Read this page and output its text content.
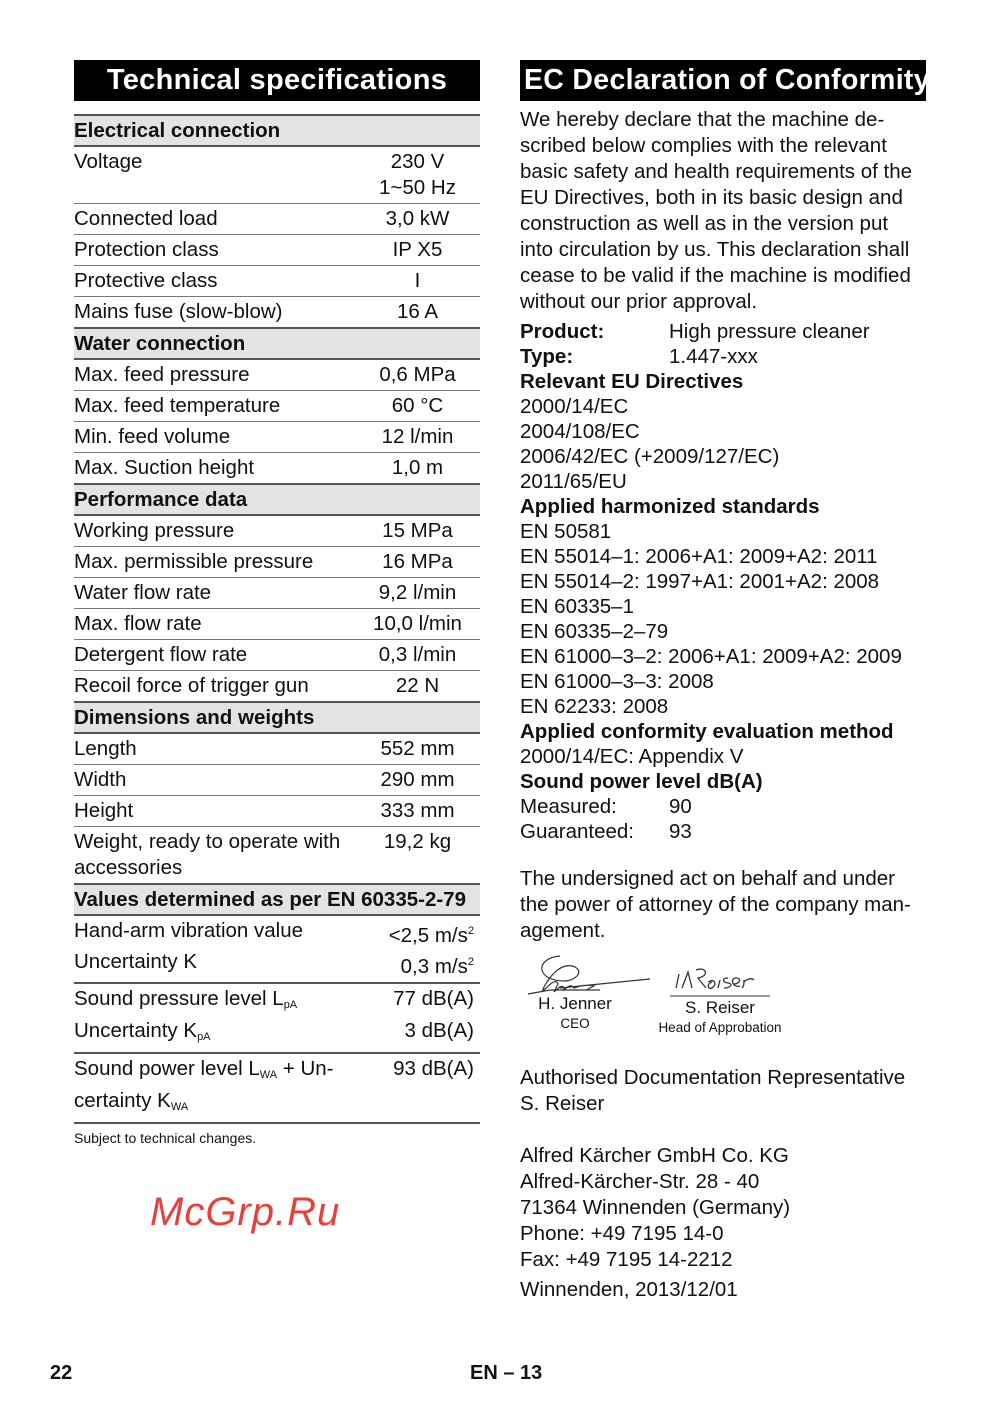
Technical specifications
Electrical connection
Voltage	230 V
1~50 Hz
Connected load	3,0 kW
Protection class	IP X5
Protective class	I
Mains fuse (slow-blow)	16 A
Water connection
Max. feed pressure	0,6 MPa
Max. feed temperature	60 °C
Min. feed volume	12 l/min
Max. Suction height	1,0 m
Performance data
Working pressure	15 MPa
Max. permissible pressure	16 MPa
Water flow rate	9,2 l/min
Max. flow rate	10,0 l/min
Detergent flow rate	0,3 l/min
Recoil force of trigger gun	22 N
Dimensions and weights
Length	552 mm
Width	290 mm
Height	333 mm
Weight, ready to operate with accessories
19,2 kg
Values determined as per EN 60335-2-79
Hand-arm vibration value	<2,5 $m/s^2$
Uncertainty K	0,3 $m/s^2$
Sound pressure level $L_{pA}$	77 dB(A)
Uncertainty $K_{pA}$	3 dB(A)
Sound power level $L_{WA} + Un-$	93 dB(A)
certainty $K_{WA}$
Subject to technical changes.
EC Declaration of Conformity
We hereby declare that the machine de-
scribed below complies with the relevant
basic safety and health requirements of the
EU Directives, both in its basic design and
construction as well as in the version put
into circulation by us. This declaration shall
cease to be valid if the machine is modified
without our prior approval.
Product:	High pressure cleaner
Type:	1.447-xxx
Relevant EU Directives
2000/14/EC
2004/108/EC
2006/42/EC (+2009/127/EC)
2011/65/EU
Applied harmonized standards
EN 50581
EN 55014–1: 2006+A1: 2009+A2: 2011
EN 55014–2: 1997+A1: 2001+A2: 2008
EN 60335–1
EN 60335–2–79
EN 61000–3–2: 2006+A1: 2009+A2: 2009
EN 61000–3–3: 2008
EN 62233: 2008
Applied conformity evaluation method
2000/14/EC: Appendix V
Sound power level dB(A)
Measured:	90
Guaranteed:	93
The undersigned act on behalf and under
the power of attorney of the company man-
agement.
H. Jenner
CEO
S. Reiser
Head of Approbation
Authorised Documentation Representative
S. Reiser
Alfred Kärcher GmbH Co. KG
Alfred-Kärcher-Str. 28 - 40
71364 Winnenden (Germany)
Phone: +49 7195 14-0
Fax: +49 7195 14-2212
Winnenden, 2013/12/01
22	EN – 13
McGrp.Ru
